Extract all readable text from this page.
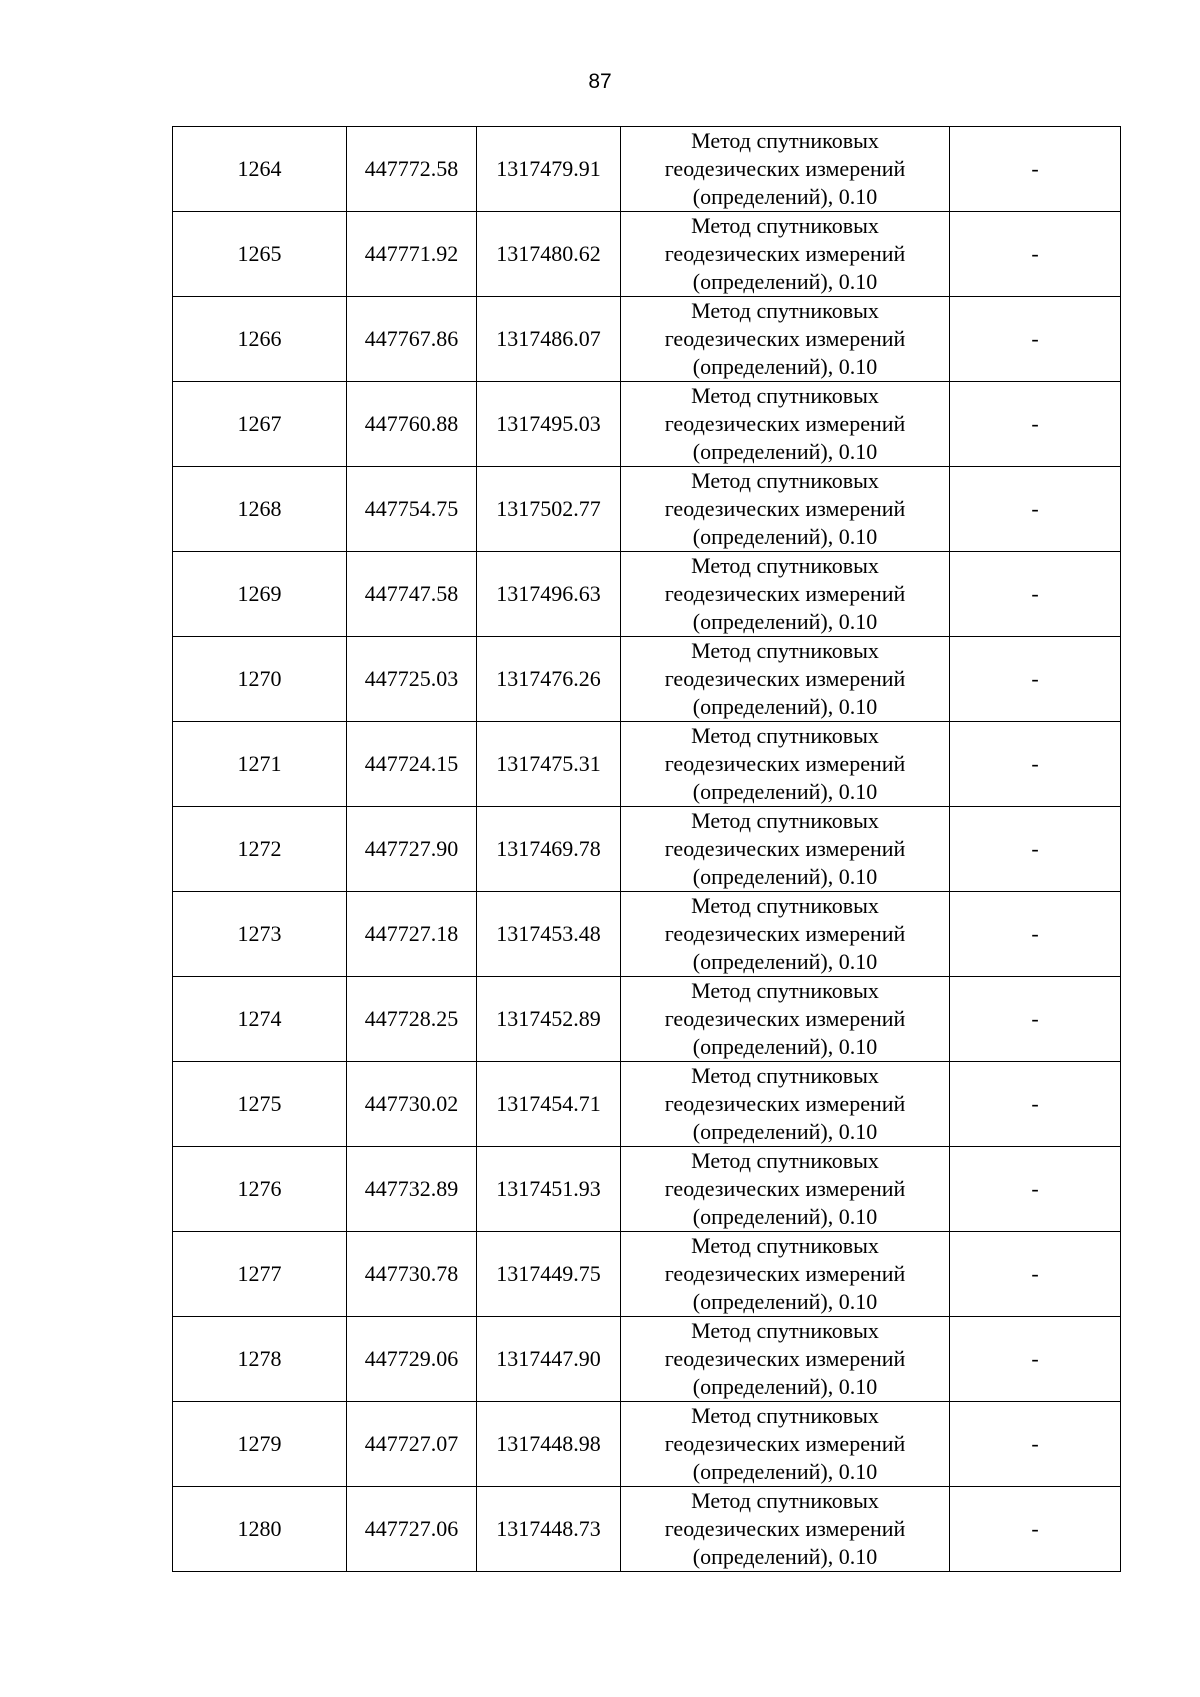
87
1264	447772.58	1317479.91	Метод спутниковых геодезических измерений (определений), 0.10	-
1265	447771.92	1317480.62	Метод спутниковых геодезических измерений (определений), 0.10	-
1266	447767.86	1317486.07	Метод спутниковых геодезических измерений (определений), 0.10	-
1267	447760.88	1317495.03	Метод спутниковых геодезических измерений (определений), 0.10	-
1268	447754.75	1317502.77	Метод спутниковых геодезических измерений (определений), 0.10	-
1269	447747.58	1317496.63	Метод спутниковых геодезических измерений (определений), 0.10	-
1270	447725.03	1317476.26	Метод спутниковых геодезических измерений (определений), 0.10	-
1271	447724.15	1317475.31	Метод спутниковых геодезических измерений (определений), 0.10	-
1272	447727.90	1317469.78	Метод спутниковых геодезических измерений (определений), 0.10	-
1273	447727.18	1317453.48	Метод спутниковых геодезических измерений (определений), 0.10	-
1274	447728.25	1317452.89	Метод спутниковых геодезических измерений (определений), 0.10	-
1275	447730.02	1317454.71	Метод спутниковых геодезических измерений (определений), 0.10	-
1276	447732.89	1317451.93	Метод спутниковых геодезических измерений (определений), 0.10	-
1277	447730.78	1317449.75	Метод спутниковых геодезических измерений (определений), 0.10	-
1278	447729.06	1317447.90	Метод спутниковых геодезических измерений (определений), 0.10	-
1279	447727.07	1317448.98	Метод спутниковых геодезических измерений (определений), 0.10	-
1280	447727.06	1317448.73	Метод спутниковых геодезических измерений (определений), 0.10	-
